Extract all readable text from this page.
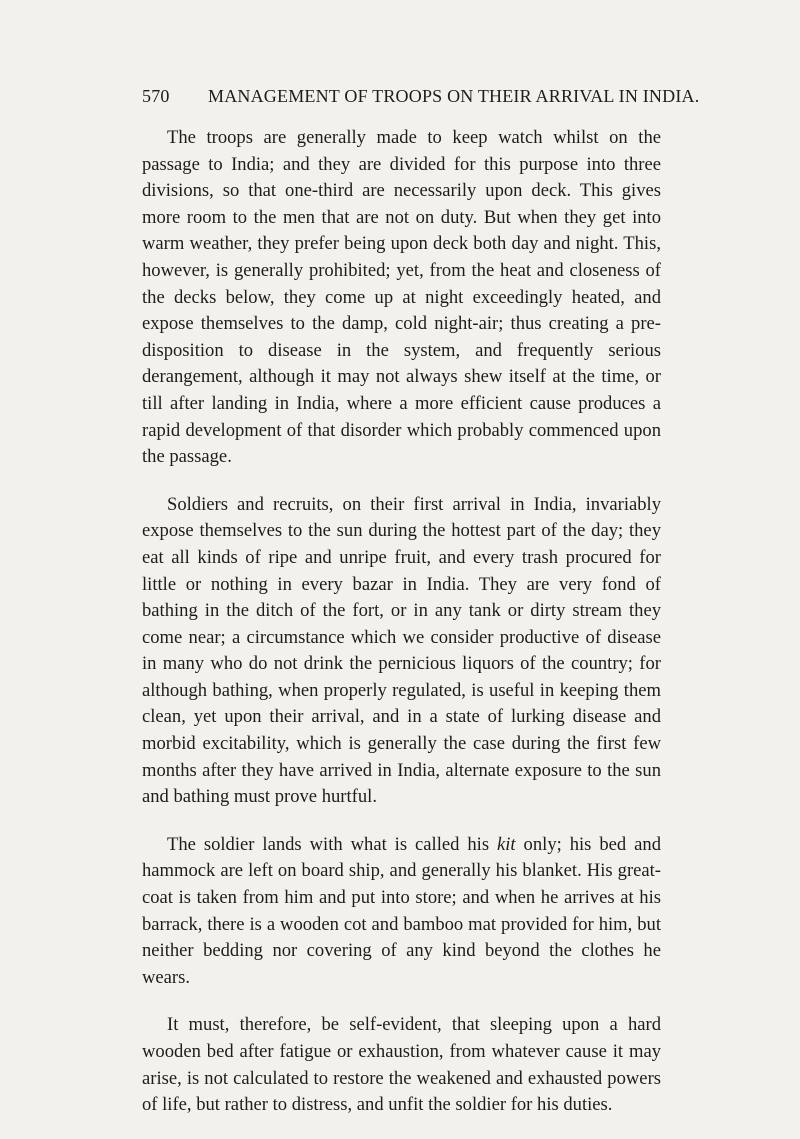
570 MANAGEMENT OF TROOPS ON THEIR ARRIVAL IN INDIA.

The troops are generally made to keep watch whilst on the passage to India; and they are divided for this purpose into three divisions, so that one-third are necessarily upon deck. This gives more room to the men that are not on duty. But when they get into warm weather, they prefer being upon deck both day and night. This, however, is generally prohibited; yet, from the heat and closeness of the decks below, they come up at night exceedingly heated, and expose themselves to the damp, cold night-air; thus creating a pre-disposition to disease in the system, and frequently serious derangement, although it may not always shew itself at the time, or till after landing in India, where a more efficient cause produces a rapid development of that disorder which probably commenced upon the passage.

Soldiers and recruits, on their first arrival in India, invariably expose themselves to the sun during the hottest part of the day; they eat all kinds of ripe and unripe fruit, and every trash procured for little or nothing in every bazar in India. They are very fond of bathing in the ditch of the fort, or in any tank or dirty stream they come near; a circumstance which we consider productive of disease in many who do not drink the pernicious liquors of the country; for although bathing, when properly regulated, is useful in keeping them clean, yet upon their arrival, and in a state of lurking disease and morbid excitability, which is generally the case during the first few months after they have arrived in India, alternate exposure to the sun and bathing must prove hurtful.

The soldier lands with what is called his kit only; his bed and hammock are left on board ship, and generally his blanket. His great-coat is taken from him and put into store; and when he arrives at his barrack, there is a wooden cot and bamboo mat provided for him, but neither bedding nor covering of any kind beyond the clothes he wears.

It must, therefore, be self-evident, that sleeping upon a hard wooden bed after fatigue or exhaustion, from whatever cause it may arise, is not calculated to restore the weakened and exhausted powers of life, but rather to distress, and unfit the soldier for his duties.
